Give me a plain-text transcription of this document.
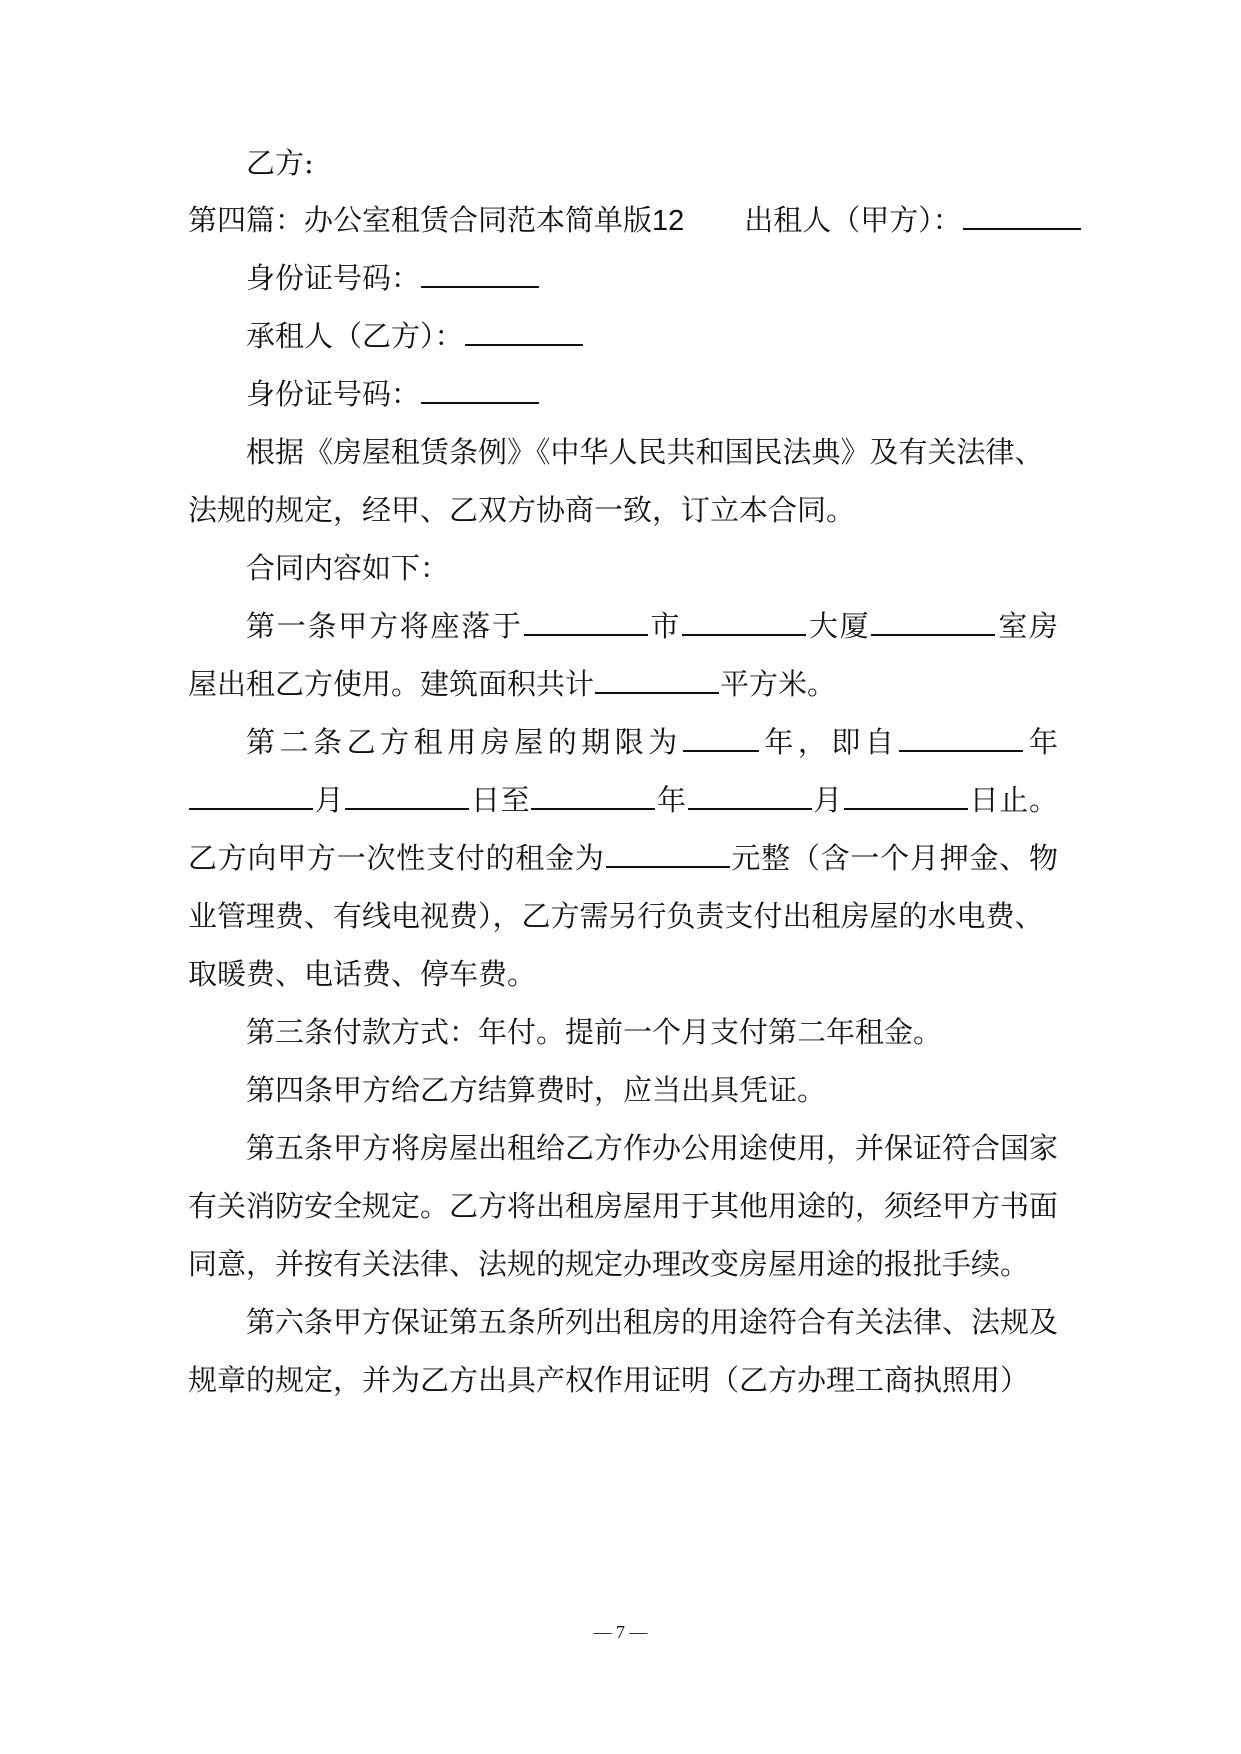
乙方:
第四篇：办公室租赁合同范本简单版12 出租人（甲方）：
身份证号码：
承租人（乙方）：
身份证号码：
根据《房屋租赁条例》《中华人民共和国民法典》及有关法律、
法规的规定，经甲、乙双方协商一致，订立本合同。
合同内容如下：
第一条甲方将座落于	市	大厦	室房
屋出租乙方使用。建筑面积共计	平方米。
第二条乙方租用房屋的期限为	年，即自	年
月	日至	年	月	日止。
乙方向甲方一次性支付的租金为	元整（含一个月押金、物
业管理费、有线电视费），乙方需另行负责支付出租房屋的水电费、
取暖费、电话费、停车费。
第三条付款方式：年付。提前一个月支付第二年租金。
第四条甲方给乙方结算费时，应当出具凭证。
第五条甲方将房屋出租给乙方作办公用途使用，并保证符合国家
有关消防安全规定。乙方将出租房屋用于其他用途的，须经甲方书面
同意，并按有关法律、法规的规定办理改变房屋用途的报批手续。
第六条甲方保证第五条所列出租房的用途符合有关法律、法规及
规章的规定，并为乙方出具产权作用证明（乙方办理工商执照用）
— 7 —
